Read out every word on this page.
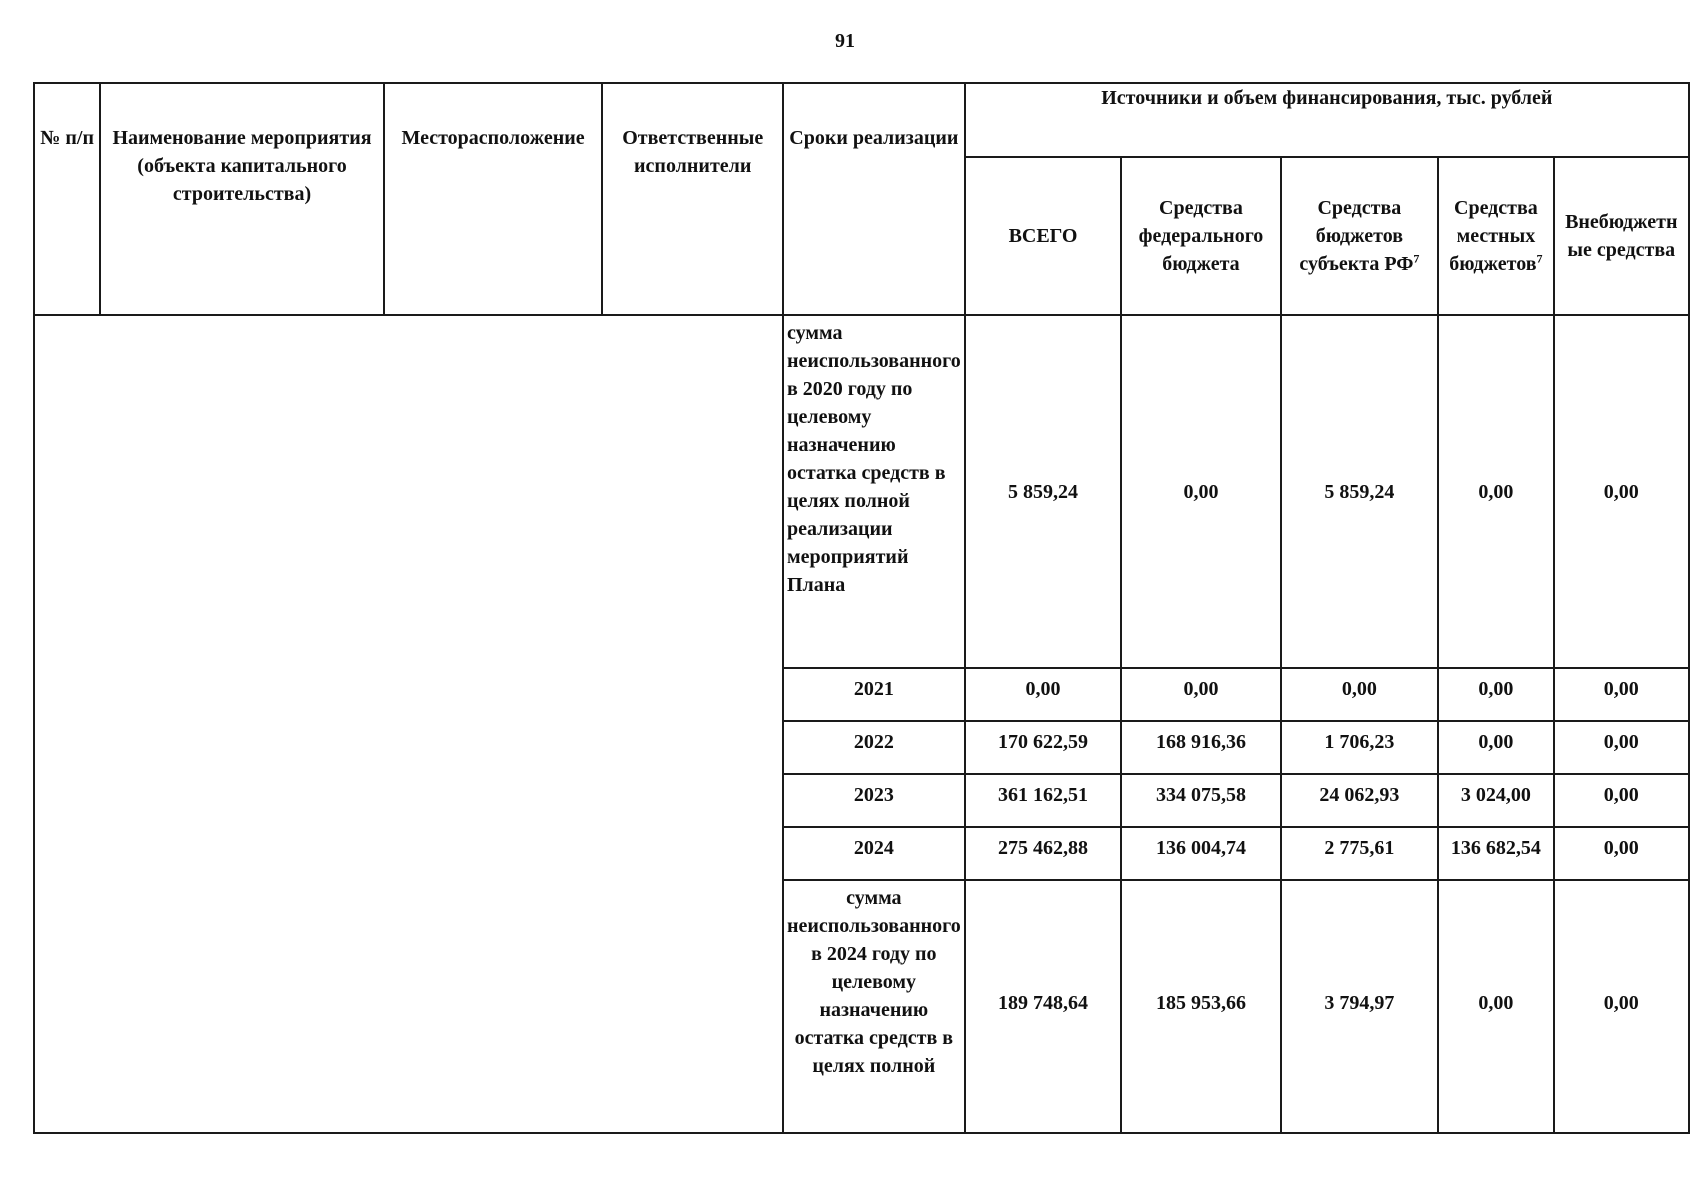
91
№ п/п	Наименование мероприятия (объекта капитального строительства)	Месторасположение	Ответственные исполнители	Сроки реализации	Источники и объем финансирования, тыс. рублей				
					ВСЕГО	Средства федерального бюджета	Средства бюджетов субъекта $РФ^7$	Средства местных бюджетов$^7$	Внебюджетн ые средства
				сумма неиспользованного в 2020 году по целевому назначению остатка средств в целях полной реализации мероприятий Плана	5 859,24	0,00	5 859,24	0,00	0,00
				2021	0,00	0,00	0,00	0,00	0,00
				2022	170 622,59	168 916,36	1 706,23	0,00	0,00
				2023	361 162,51	334 075,58	24 062,93	3 024,00	0,00
				2024	275 462,88	136 004,74	2 775,61	136 682,54	0,00
				сумма неиспользованного в 2024 году по целевому назначению остатка средств в целях полной	189 748,64	185 953,66	3 794,97	0,00	0,00
